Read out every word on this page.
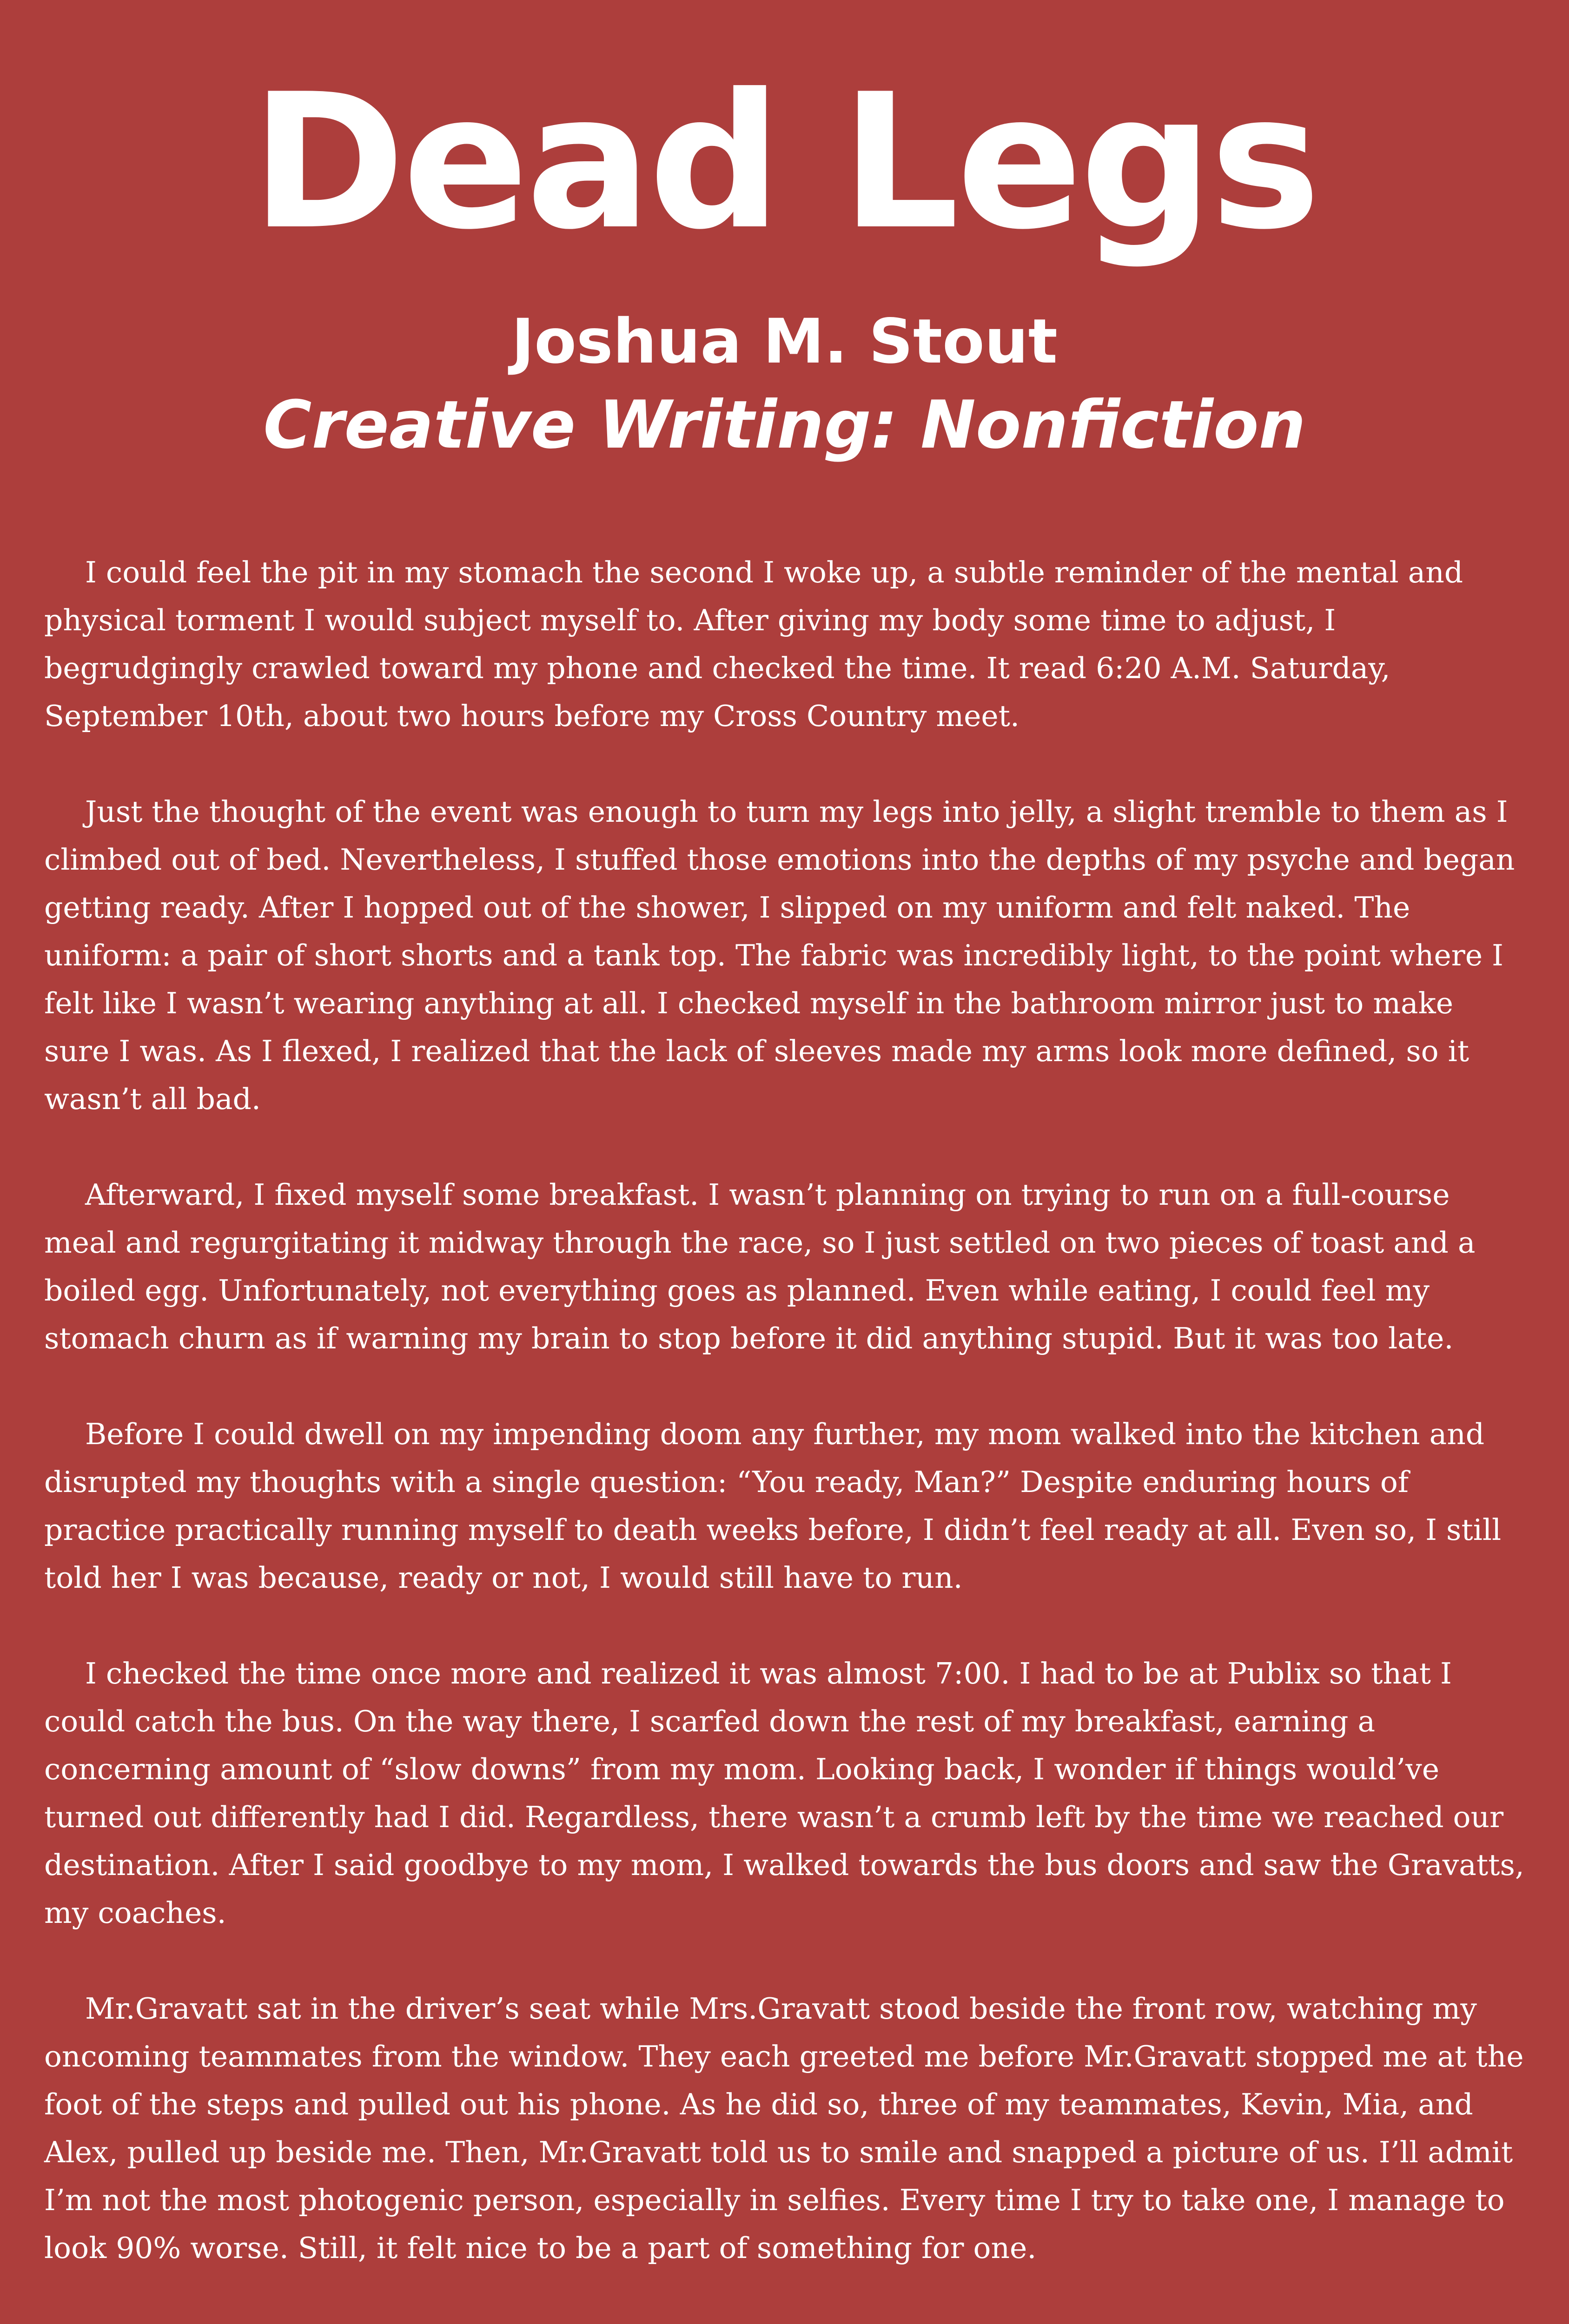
Dead Legs
Joshua M. Stout
Creative Writing: Nonfiction

I could feel the pit in my stomach the second I woke up, a subtle reminder of the mental and physical torment I would subject myself to. After giving my body some time to adjust, I begrudgingly crawled toward my phone and checked the time. It read 6:20 A.M. Saturday, September 10th, about two hours before my Cross Country meet.

Just the thought of the event was enough to turn my legs into jelly, a slight tremble to them as I climbed out of bed. Nevertheless, I stuffed those emotions into the depths of my psyche and began getting ready. After I hopped out of the shower, I slipped on my uniform and felt naked. The uniform: a pair of short shorts and a tank top. The fabric was incredibly light, to the point where I felt like I wasn’t wearing anything at all. I checked myself in the bathroom mirror just to make sure I was. As I flexed, I realized that the lack of sleeves made my arms look more defined, so it wasn’t all bad.

Afterward, I fixed myself some breakfast. I wasn’t planning on trying to run on a full-course meal and regurgitating it midway through the race, so I just settled on two pieces of toast and a boiled egg. Unfortunately, not everything goes as planned. Even while eating, I could feel my stomach churn as if warning my brain to stop before it did anything stupid. But it was too late.

Before I could dwell on my impending doom any further, my mom walked into the kitchen and disrupted my thoughts with a single question: “You ready, Man?” Despite enduring hours of practice practically running myself to death weeks before, I didn’t feel ready at all. Even so, I still told her I was because, ready or not, I would still have to run.

I checked the time once more and realized it was almost 7:00. I had to be at Publix so that I could catch the bus. On the way there, I scarfed down the rest of my breakfast, earning a concerning amount of “slow downs” from my mom. Looking back, I wonder if things would’ve turned out differently had I did. Regardless, there wasn’t a crumb left by the time we reached our destination. After I said goodbye to my mom, I walked towards the bus doors and saw the Gravatts, my coaches.

Mr.Gravatt sat in the driver’s seat while Mrs.Gravatt stood beside the front row, watching my oncoming teammates from the window. They each greeted me before Mr.Gravatt stopped me at the foot of the steps and pulled out his phone. As he did so, three of my teammates, Kevin, Mia, and Alex, pulled up beside me. Then, Mr.Gravatt told us to smile and snapped a picture of us. I’ll admit I’m not the most photogenic person, especially in selfies. Every time I try to take one, I manage to look 90% worse. Still, it felt nice to be a part of something for one.
